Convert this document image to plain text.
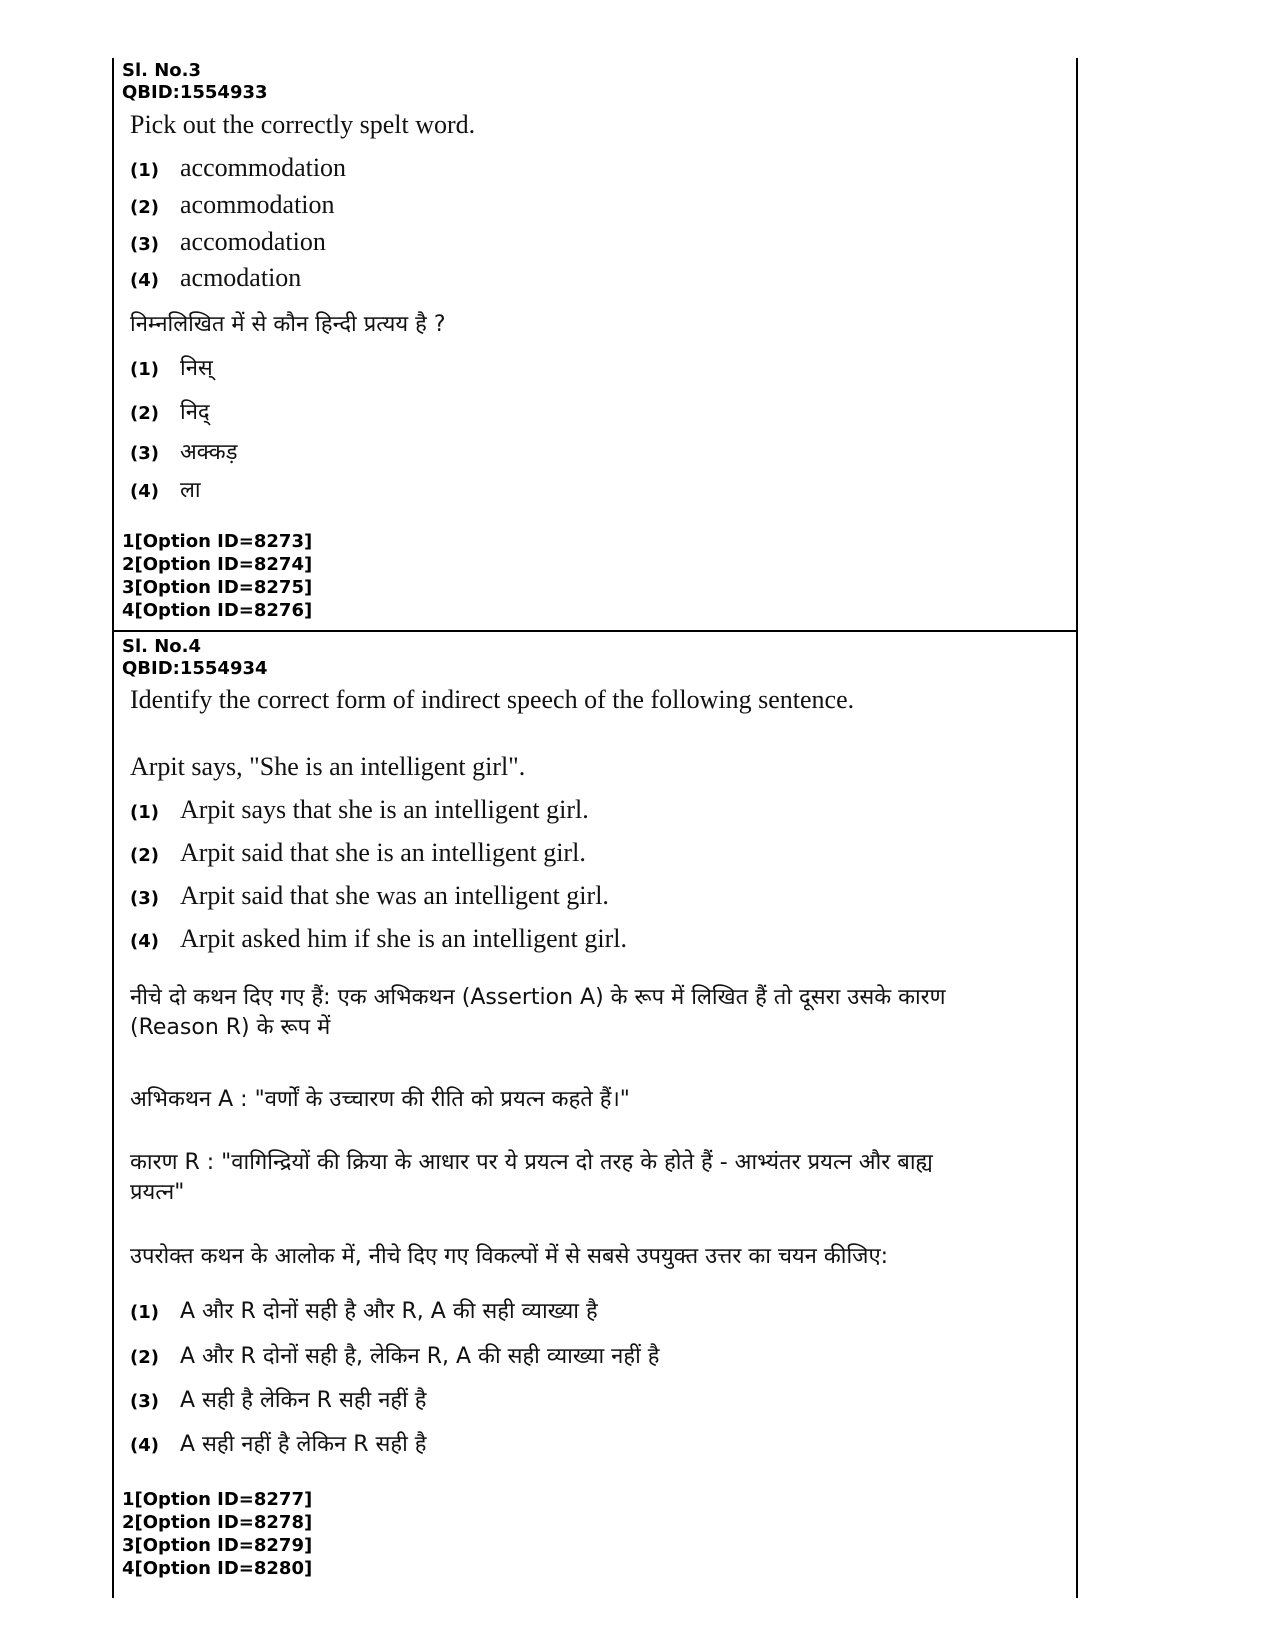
Sl. No.3
QBID:1554933
Pick out the correctly spelt word.
(1) accommodation
(2) acommodation
(3) accomodation
(4) acmodation
निम्नलिखित में से कौन हिन्दी प्रत्यय है ?
(1) निस्
(2) निद्
(3) अक्कड़
(4) ला
1[Option ID=8273]
2[Option ID=8274]
3[Option ID=8275]
4[Option ID=8276]
Sl. No.4
QBID:1554934
Identify the correct form of indirect speech of the following sentence.
Arpit says, "She is an intelligent girl".
(1) Arpit says that she is an intelligent girl.
(2) Arpit said that she is an intelligent girl.
(3) Arpit said that she was an intelligent girl.
(4) Arpit asked him if she is an intelligent girl.
नीचे दो कथन दिए गए हैं: एक अभिकथन (Assertion A) के रूप में लिखित हैं तो दूसरा उसके कारण
(Reason R) के रूप में
अभिकथन A : "वर्णों के उच्चारण की रीति को प्रयत्न कहते हैं।"
कारण R : "वागिन्द्रियों की क्रिया के आधार पर ये प्रयत्न दो तरह के होते हैं - आभ्यंतर प्रयत्न और बाह्य
प्रयत्न"
उपरोक्त कथन के आलोक में, नीचे दिए गए विकल्पों में से सबसे उपयुक्त उत्तर का चयन कीजिए:
(1) A और R दोनों सही है और R, A की सही व्याख्या है
(2) A और R दोनों सही है, लेकिन R, A की सही व्याख्या नहीं है
(3) A सही है लेकिन R सही नहीं है
(4) A सही नहीं है लेकिन R सही है
1[Option ID=8277]
2[Option ID=8278]
3[Option ID=8279]
4[Option ID=8280]
